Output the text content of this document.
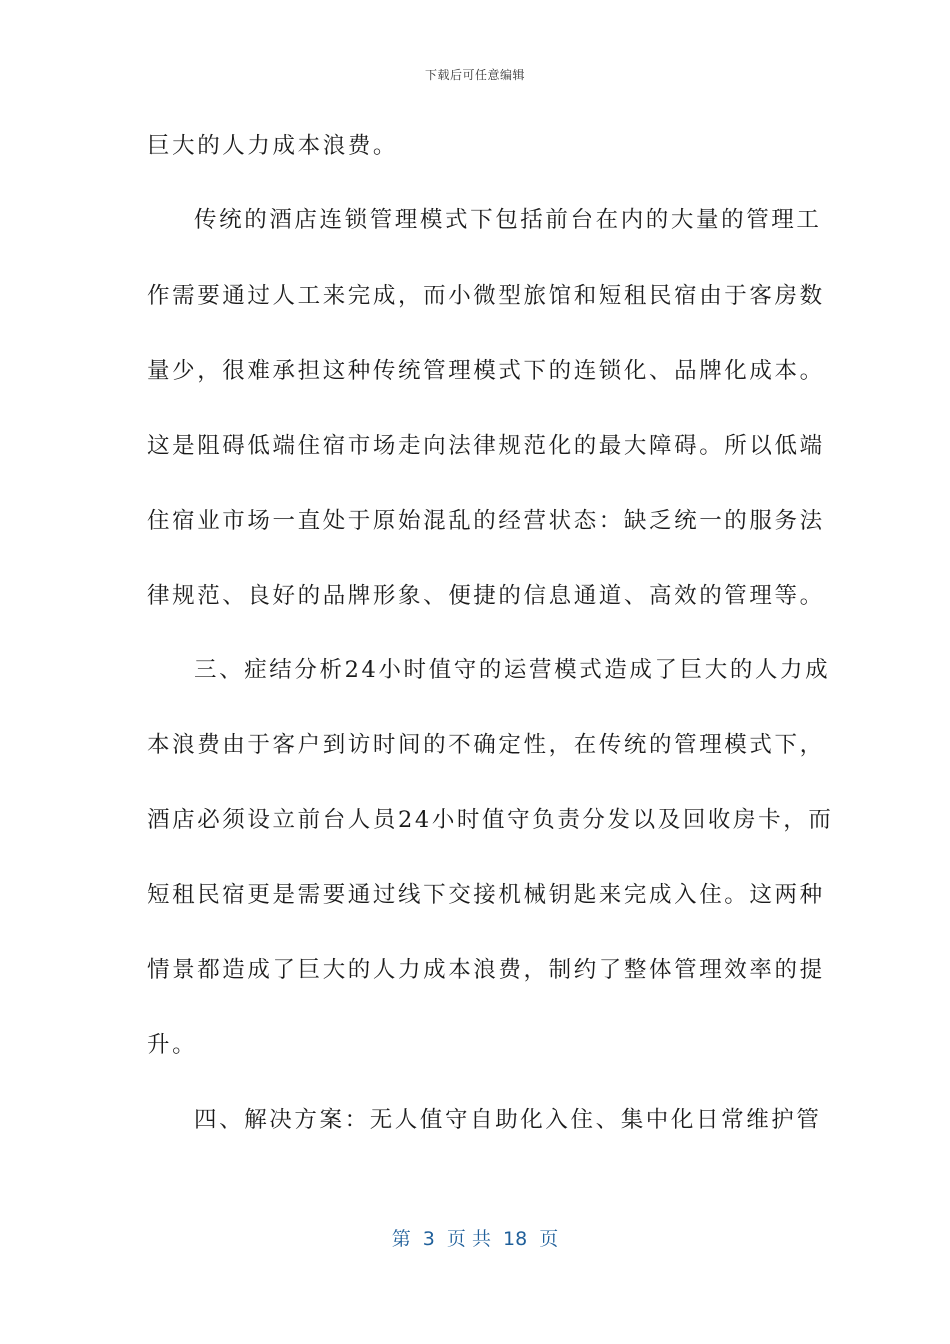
下载后可任意编辑
巨大的人力成本浪费。
传统的酒店连锁管理模式下包括前台在内的大量的管理工
作需要通过人工来完成，而小微型旅馆和短租民宿由于客房数
量少，很难承担这种传统管理模式下的连锁化、品牌化成本。
这是阻碍低端住宿市场走向法律规范化的最大障碍。所以低端
住宿业市场一直处于原始混乱的经营状态：缺乏统一的服务法
律规范、良好的品牌形象、便捷的信息通道、高效的管理等。
三、症结分析24小时值守的运营模式造成了巨大的人力成
本浪费由于客户到访时间的不确定性，在传统的管理模式下，
酒店必须设立前台人员24小时值守负责分发以及回收房卡，而
短租民宿更是需要通过线下交接机械钥匙来完成入住。这两种
情景都造成了巨大的人力成本浪费，制约了整体管理效率的提
升。
四、解决方案：无人值守自助化入住、集中化日常维护管
第  3  页 共  18  页
